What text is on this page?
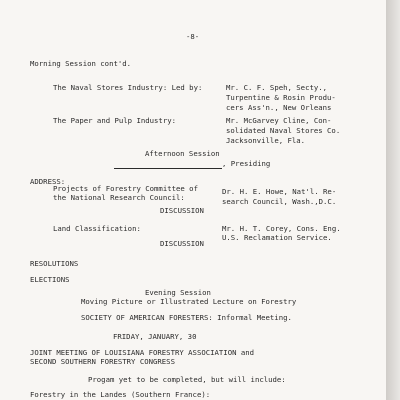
-8-

Morning Session cont'd.

The Naval Stores Industry: Led by:	Mr. C. F. Speh, Secty.,

Turpentine & Rosin Produ-

cers Ass'n., New Orleans

The Paper and Pulp Industry:	Mr. McGarvey Cline, Con-

solidated Naval Stores Co.

Jacksonville, Fla.

Afternoon Session

, Presiding

ADDRESS:

Projects of Forestry Committee of

the National Research Council:

Dr. H. E. Howe, Nat'l. Re-

search Council, Wash.,D.C.

DISCUSSION

Land Classification:	Mr. H. T. Corey, Cons. Eng.

U.S. Reclamation Service.

DISCUSSION

RESOLUTIONS

ELECTIONS

Evening Session

Moving Picture or Illustrated Lecture on Forestry

SOCIETY OF AMERICAN FORESTERS: Informal Meeting.

FRIDAY, JANUARY, 30

JOINT MEETING OF LOUISIANA FORESTRY ASSOCIATION and

SECOND SOUTHERN FORESTRY CONGRESS

Progam yet to be completed, but will include:

Forestry in the Landes (Southern France):
